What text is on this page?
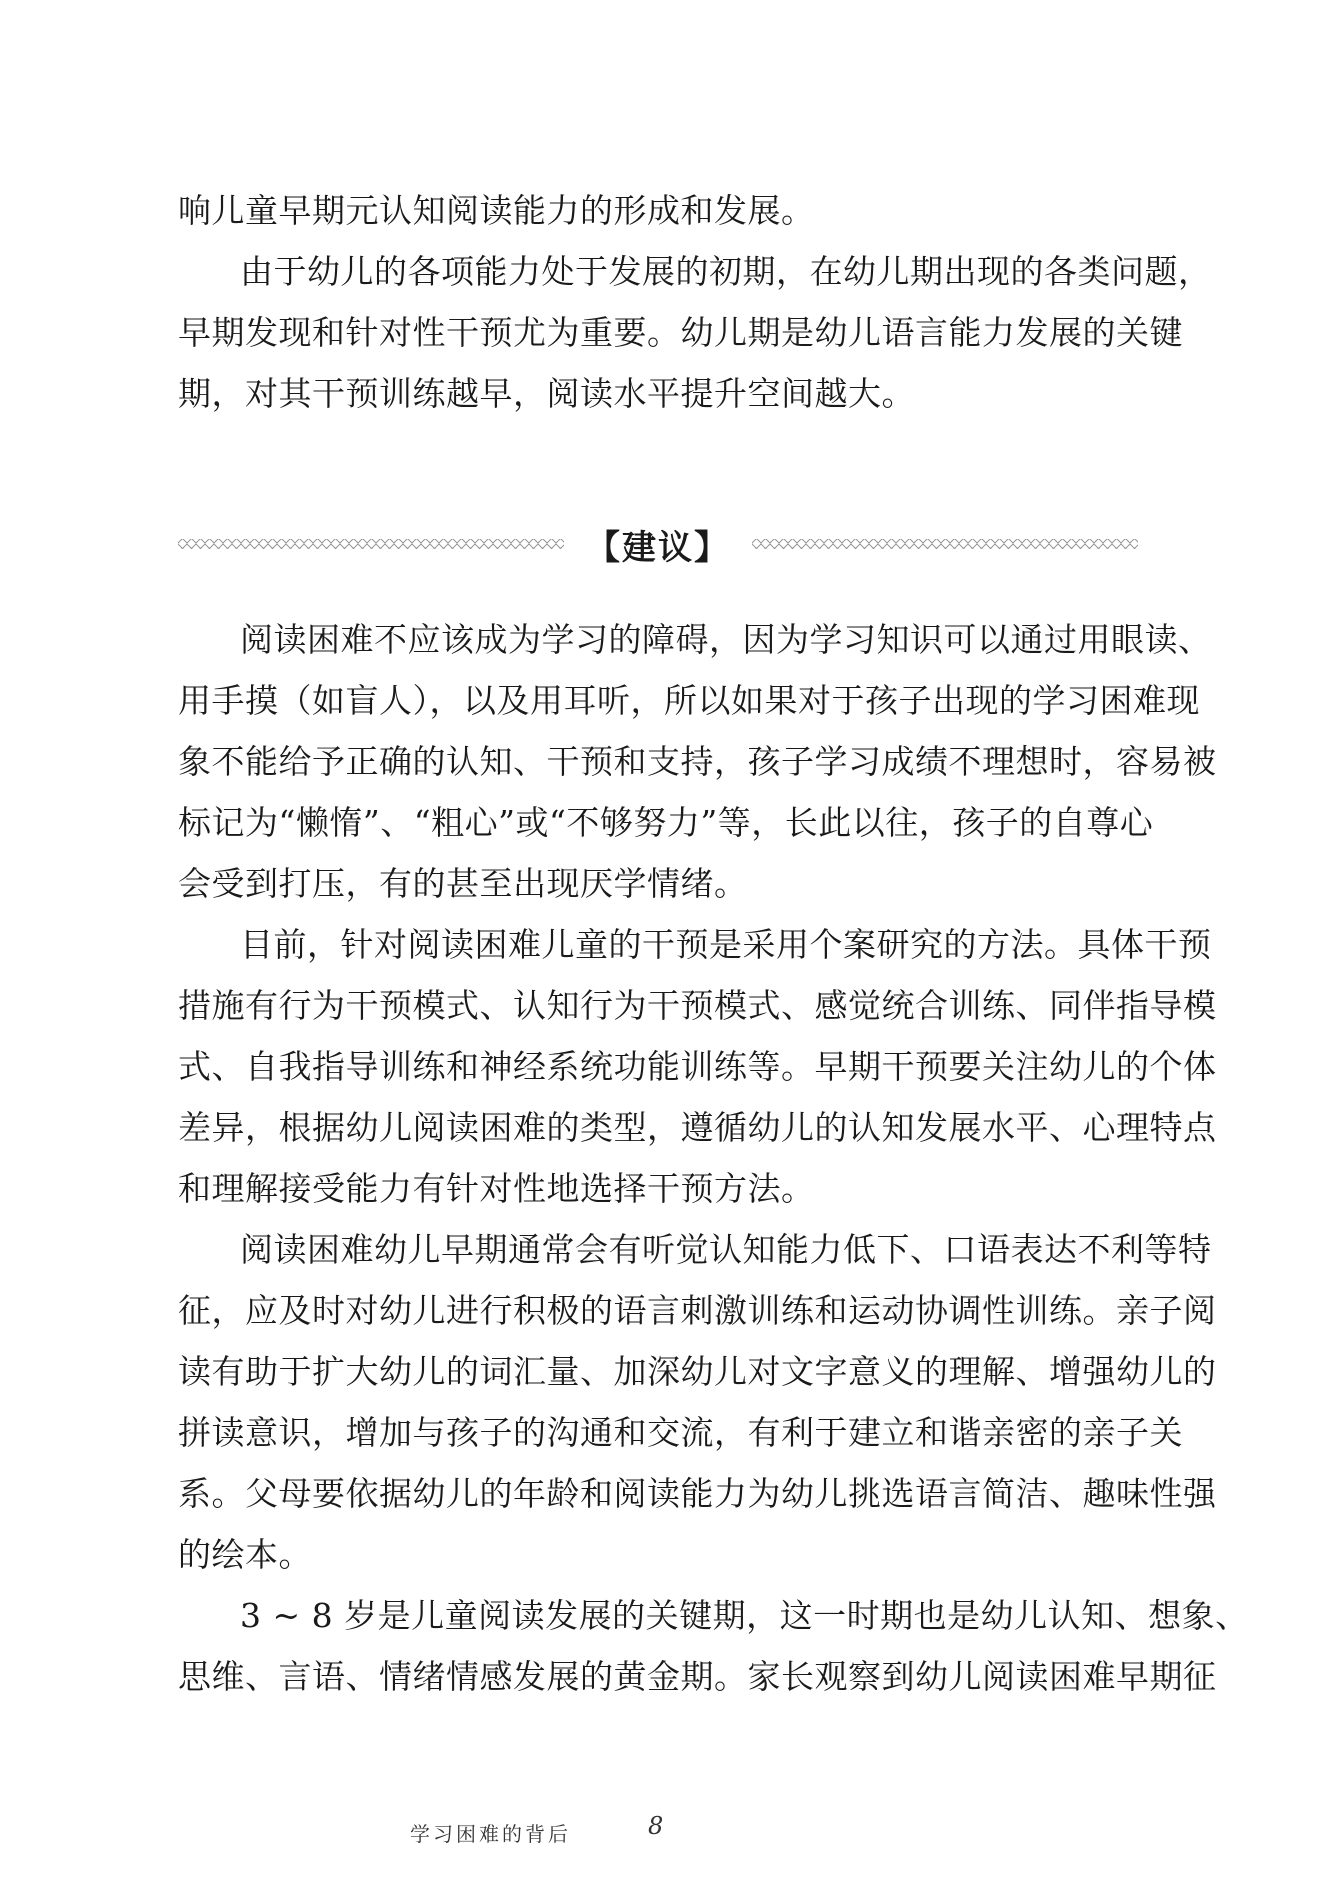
响儿童早期元认知阅读能力的形成和发展。
由于幼儿的各项能力处于发展的初期，在幼儿期出现的各类问题，
早期发现和针对性干预尤为重要。幼儿期是幼儿语言能力发展的关键
期，对其干预训练越早，阅读水平提升空间越大。
【建议】
阅读困难不应该成为学习的障碍，因为学习知识可以通过用眼读、
用手摸（如盲人），以及用耳听，所以如果对于孩子出现的学习困难现
象不能给予正确的认知、干预和支持，孩子学习成绩不理想时，容易被
标记为“懒惰”、“粗心”或“不够努力”等，长此以往，孩子的自尊心
会受到打压，有的甚至出现厌学情绪。
目前，针对阅读困难儿童的干预是采用个案研究的方法。具体干预
措施有行为干预模式、认知行为干预模式、感觉统合训练、同伴指导模
式、自我指导训练和神经系统功能训练等。早期干预要关注幼儿的个体
差异，根据幼儿阅读困难的类型，遵循幼儿的认知发展水平、心理特点
和理解接受能力有针对性地选择干预方法。
阅读困难幼儿早期通常会有听觉认知能力低下、口语表达不利等特
征，应及时对幼儿进行积极的语言刺激训练和运动协调性训练。亲子阅
读有助于扩大幼儿的词汇量、加深幼儿对文字意义的理解、增强幼儿的
拼读意识，增加与孩子的沟通和交流，有利于建立和谐亲密的亲子关
系。父母要依据幼儿的年龄和阅读能力为幼儿挑选语言简洁、趣味性强
的绘本。
3 ~ 8 岁是儿童阅读发展的关键期，这一时期也是幼儿认知、想象、
思维、言语、情绪情感发展的黄金期。家长观察到幼儿阅读困难早期征
学习困难的背后	8
